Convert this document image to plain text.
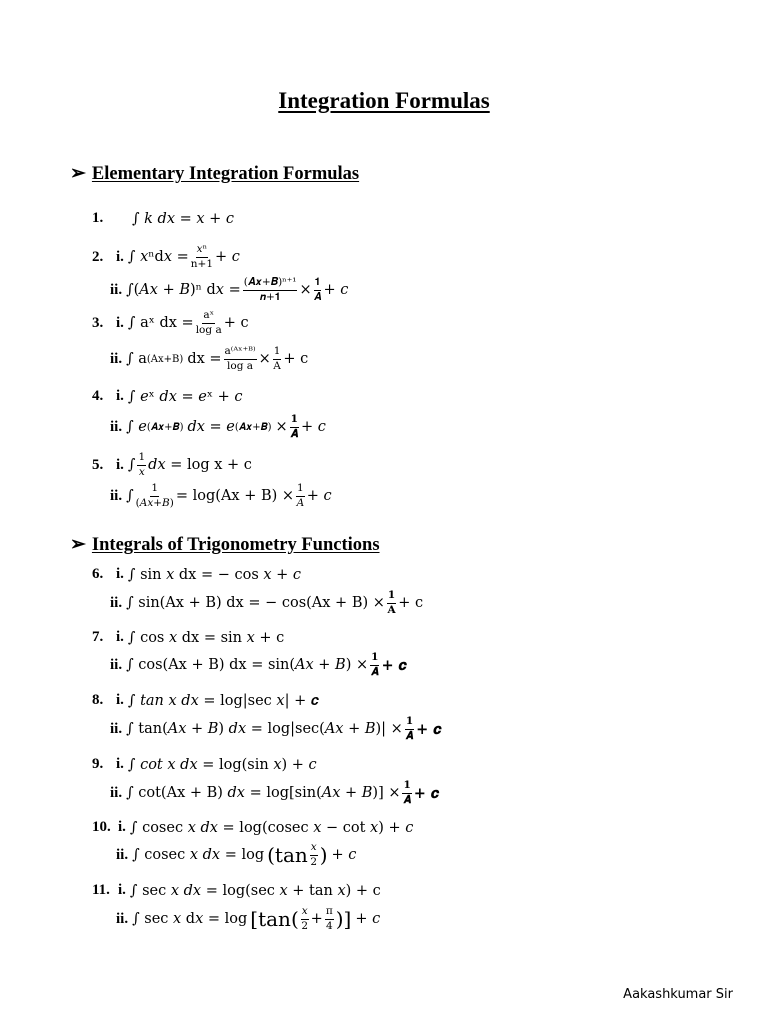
Integration Formulas
➢ Elementary Integration Formulas
1.	∫ 𝑘 𝑑𝑥 = 𝑥 + 𝑐
2. i. ∫ 𝑥ⁿd𝑥 =
𝑥ⁿ
n+1 + 𝑐
ii. ∫(𝐴𝑥 + 𝐵)ⁿ d𝑥 =
(𝑨𝒙+𝑩)ⁿ⁺¹
𝒏+𝟏 ×
𝟏
𝑨 + 𝑐
3. i. ∫ aˣ dx = $\frac{\text{aˣ}}{\text{log a}} + c$
ii. ∫ a (Ax+B) dx = $\frac{\text{a⁽ᴬˣ⁺ᴮ⁾}}{\text{log a}} \times \frac{1}{A} + c$
4. i. ∫ 𝑒ˣ 𝑑𝑥 = 𝑒ˣ + 𝑐
ii. ∫ 𝑒 (𝑨𝒙+𝑩) 𝑑𝑥 = 𝑒 (𝑨𝒙+𝑩) ×
𝟏
𝑨 + 𝑐
5. i. ∫
1
𝑥 𝑑𝑥 = log x + c
ii. ∫
1
(𝐴𝑥+𝐵) = log(Ax + B) ×
1
𝐴 + 𝑐
➢ Integrals of Trigonometry Functions
6. i. ∫ sin 𝑥 dx = − cos 𝑥 + 𝑐
ii. ∫ sin(Ax + B) dx = − $\cos(Ax + B) \times \frac{1}{A} + c$
7. i. ∫ cos 𝑥 dx = sin 𝑥 + c
ii. ∫ cos(Ax + B) dx = sin(𝐴𝑥 + 𝐵) ×
𝟏
𝑨 + 𝒄
8. i. ∫ 𝑡𝑎𝑛 𝑥 𝑑𝑥 = log|sec 𝑥| + 𝒄
ii. ∫ tan(𝐴𝑥 + 𝐵) 𝑑𝑥 = log|sec(𝐴𝑥 + 𝐵)| ×
𝟏
𝑨 + 𝒄
9. i. ∫ 𝑐𝑜𝑡 𝑥 𝑑𝑥 = log(sin 𝑥) + 𝑐
ii. ∫ cot(Ax + B) 𝑑𝑥 = log[sin(𝐴𝑥 + 𝐵)] ×
𝟏
𝑨 + 𝒄
10. i. ∫ cosec 𝑥 𝑑𝑥 = log(cosec 𝑥 − cot 𝑥) + 𝑐
ii. ∫ cosec 𝑥 𝑑𝑥 = log (tan 𝑥
2 ) + 𝑐
11. i. ∫ sec 𝑥 𝑑𝑥 = log(sec 𝑥 + tan 𝑥) + c
ii. ∫ sec 𝑥 d𝑥 = log [tan ( 𝑥
$2 + \frac{\pi}{4}$ )] + 𝑐
Aakashkumar Sir
